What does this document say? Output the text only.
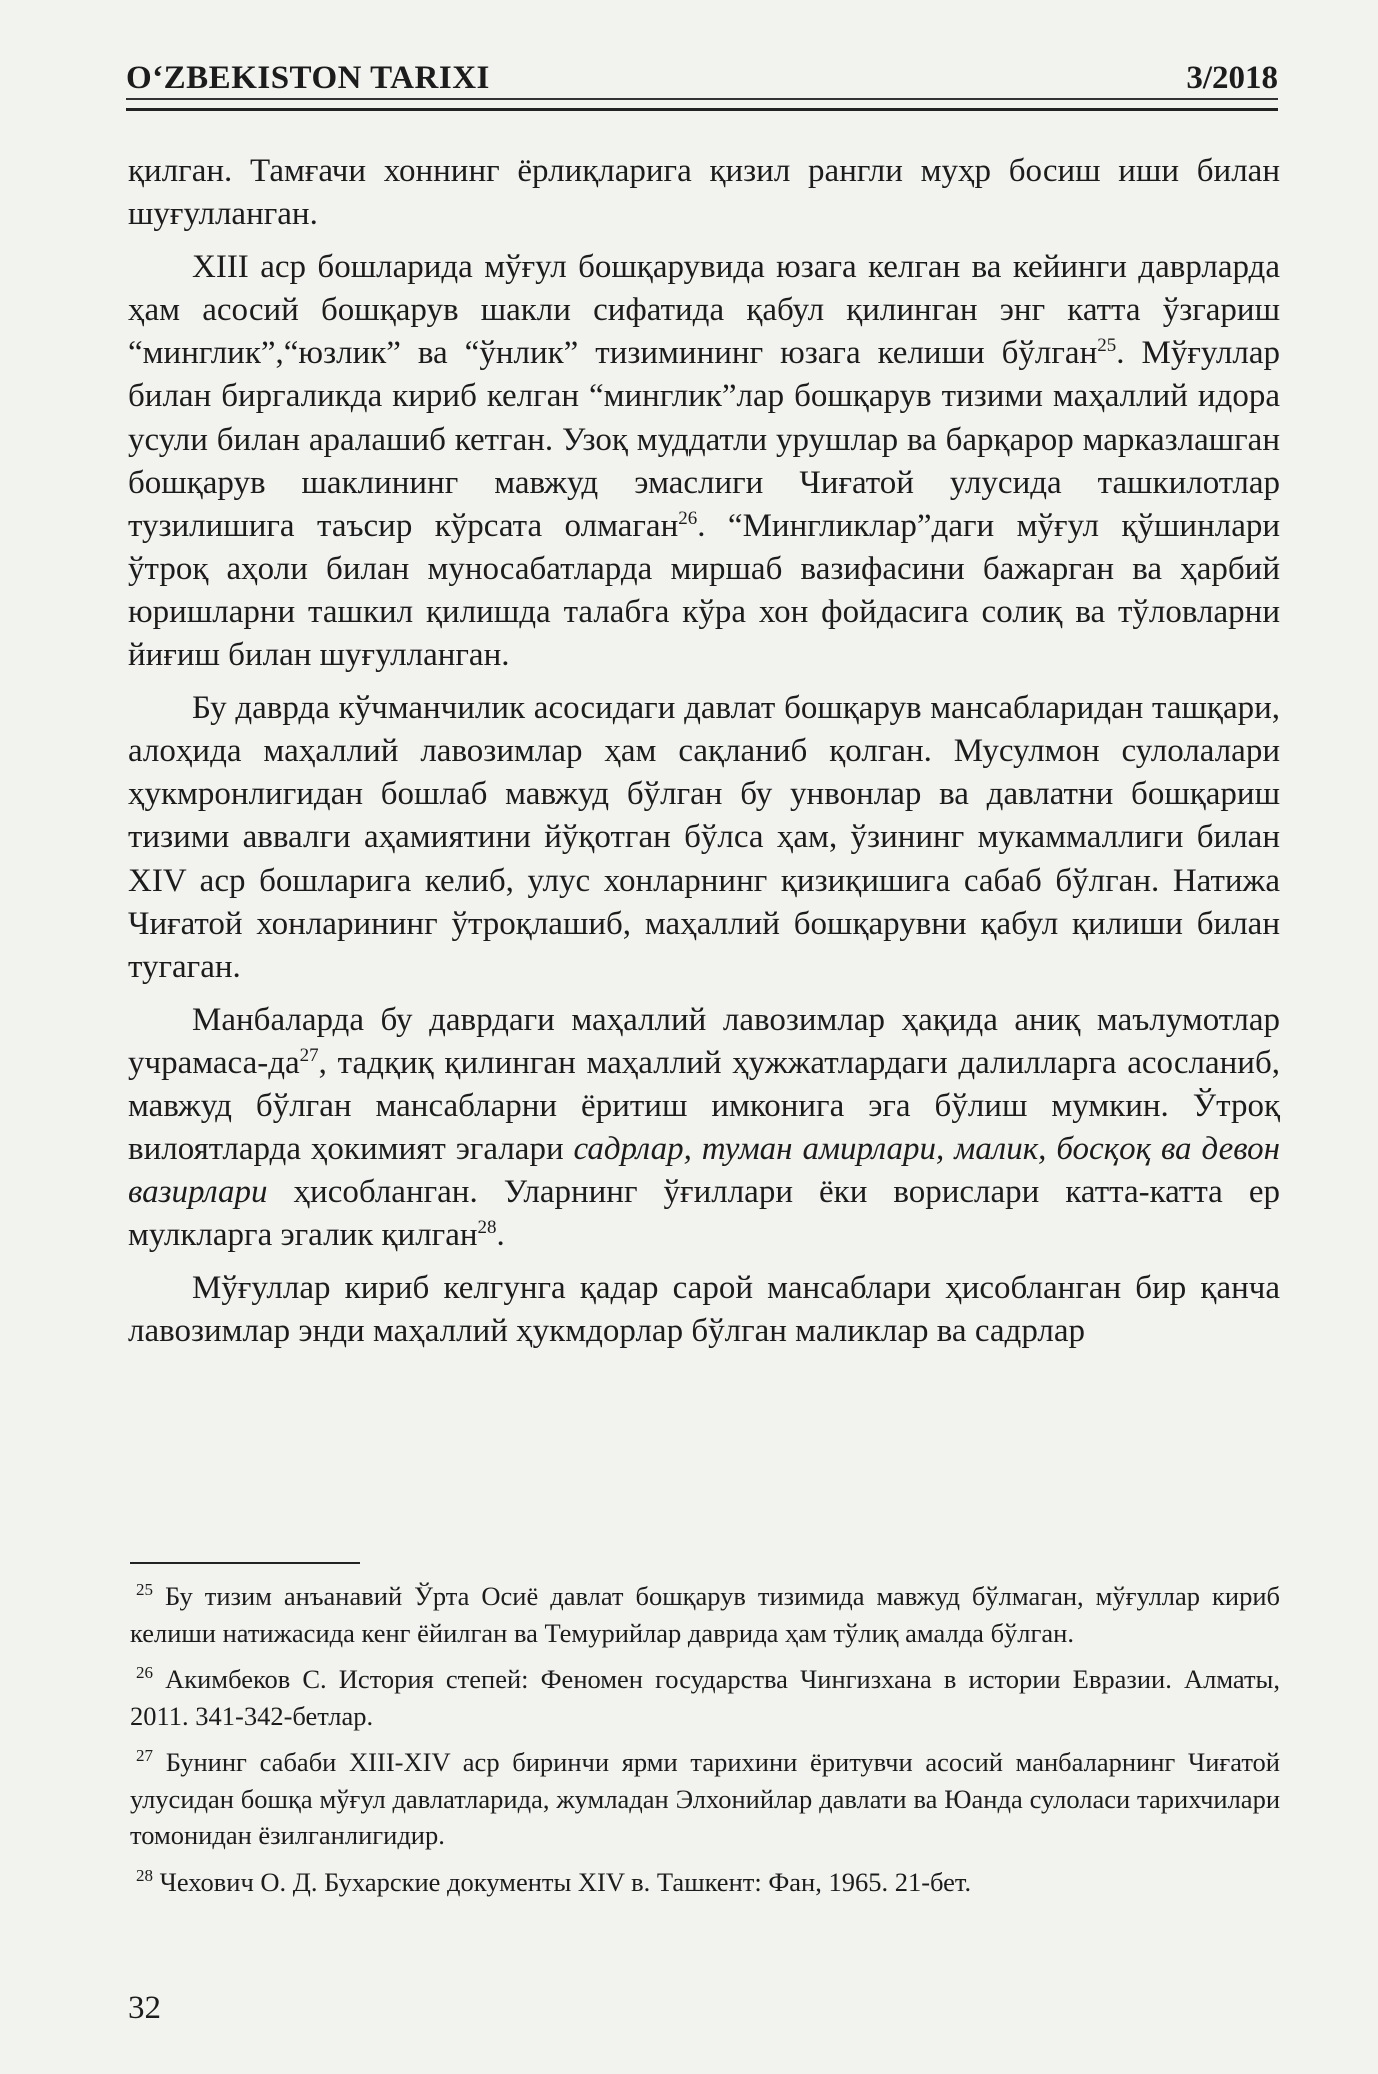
O‘ZBEKISTON TARIXI	3/2018

қилган. Тамғачи хоннинг ёрлиқларига қизил рангли муҳр босиш иши билан шуғулланган.

XIII аср бошларида мўғул бошқарувида юзага келган ва кейинги даврларда ҳам асосий бошқарув шакли сифатида қабул қилинган энг катта ўзгариш “минглик”,“юзлик” ва “ўнлик” тизимининг юзага келиши бўлган$^{25}$. Мўғуллар билан биргаликда кириб келган “минглик”лар бошқарув тизими маҳаллий идора усули билан аралашиб кетган. Узоқ муддатли урушлар ва барқарор марказлашган бошқарув шаклининг мавжуд эмаслиги Чиғатой улусида ташкилотлар тузилишига таъсир кўрсата олмаган$^{26}$. “Мингликлар”даги мўғул қўшинлари ўтроқ аҳоли билан муносабатларда миршаб вазифасини бажарган ва ҳарбий юришларни ташкил қилишда талабга кўра хон фойдасига солиқ ва тўловларни йиғиш билан шуғулланган.

Бу даврда кўчманчилик асосидаги давлат бошқарув мансабларидан ташқари, алоҳида маҳаллий лавозимлар ҳам сақланиб қолган. Мусулмон сулолалари ҳукмронлигидан бошлаб мавжуд бўлган бу унвонлар ва давлатни бошқариш тизими аввалги аҳамиятини йўқотган бўлса ҳам, ўзининг мукаммаллиги билан XIV аср бошларига келиб, улус хонларнинг қизиқишига сабаб бўлган. Натижа Чиғатой хонларининг ўтроқлашиб, маҳаллий бошқарувни қабул қилиши билан тугаган.

Манбаларда бу даврдаги маҳаллий лавозимлар ҳақида аниқ маълумотлар учрамаса-$да^{27}$, тадқиқ қилинган маҳаллий ҳужжатлардаги далилларга асосланиб, мавжуд бўлган мансабларни ёритиш имконига эга бўлиш мумкин. Ўтроқ вилоятларда ҳокимият эгалари садрлар, туман амирлари, малик, босқоқ ва девон вазирлари ҳисобланган. Уларнинг ўғиллари ёки ворислари катта-катта ер мулкларга эгалик қилган$^{28}$.

Мўғуллар кириб келгунга қадар сарой мансаблари ҳисобланган бир қанча лавозимлар энди маҳаллий ҳукмдорлар бўлган маликлар ва садрлар

$^{25}$ Бу тизим анъанавий Ўрта Осиё давлат бошқарув тизимида мавжуд бўлмаган, мўғуллар кириб келиши натижасида кенг ёйилган ва Темурийлар даврида ҳам тўлиқ амалда бўлган.

$^{26}$ Акимбеков С. История степей: Феномен государства Чингизхана в истории Евразии. Алматы, 2011. 341-342-бетлар.

$^{27}$ Бунинг сабаби XIII-XIV аср биринчи ярми тарихини ёритувчи асосий манбаларнинг Чиғатой улусидан бошқа мўғул давлатларида, жумладан Элхонийлар давлати ва Юанда сулоласи тарихчилари томонидан ёзилганлигидир.

$^{28}$ Чехович О. Д. Бухарские документы XIV в. Ташкент: Фан, 1965. 21-бет.

32
